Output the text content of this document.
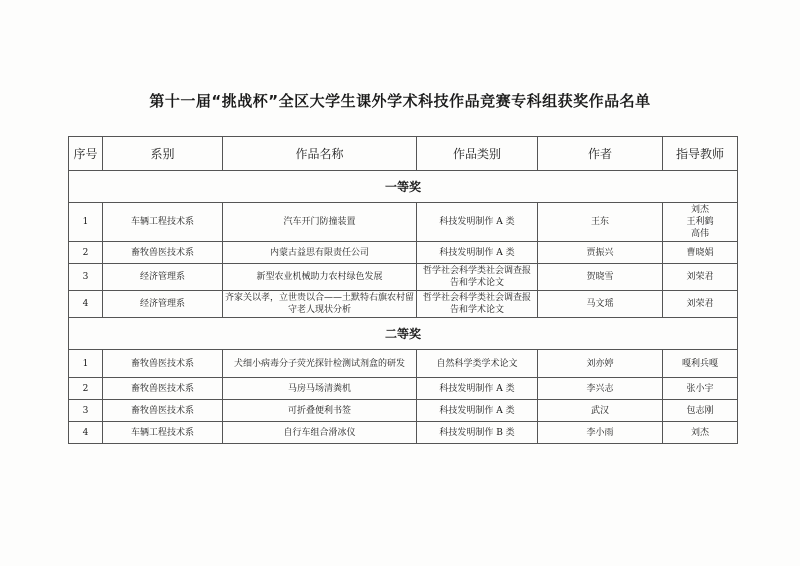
第十一届“挑战杯”全区大学生课外学术科技作品竞赛专科组获奖作品名单
序号	系别	作品名称	作品类别	作者	指导教师
一等奖					
1	车辆工程技术系	汽车开门防撞装置	科技发明制作 A 类	王东	刘杰
王利鹤
高伟

2	畜牧兽医技术系	内蒙古益思有限责任公司	科技发明制作 A 类	贾振兴	曹晓娟
3	经济管理系	新型农业机械助力农村绿色发展	哲学社会科学类社会调查报告和学术论文	贺晓雪	刘荣君
4	经济管理系	齐家关以孝，立世贵以合——土默特右旗农村留守老人现状分析	哲学社会科学类社会调查报告和学术论文	马文瑶	刘荣君
二等奖					
1	畜牧兽医技术系	犬细小病毒分子荧光探针检测试剂盒的研发	自然科学类学术论文	刘亦婷	嘎利兵嘎
2	畜牧兽医技术系	马房马场清粪机	科技发明制作 A 类	李兴志	张小宇
3	畜牧兽医技术系	可折叠便利书签	科技发明制作 A 类	武汉	包志刚
4	车辆工程技术系	自行车组合滑冰仪	科技发明制作 B 类	李小雨	刘杰
